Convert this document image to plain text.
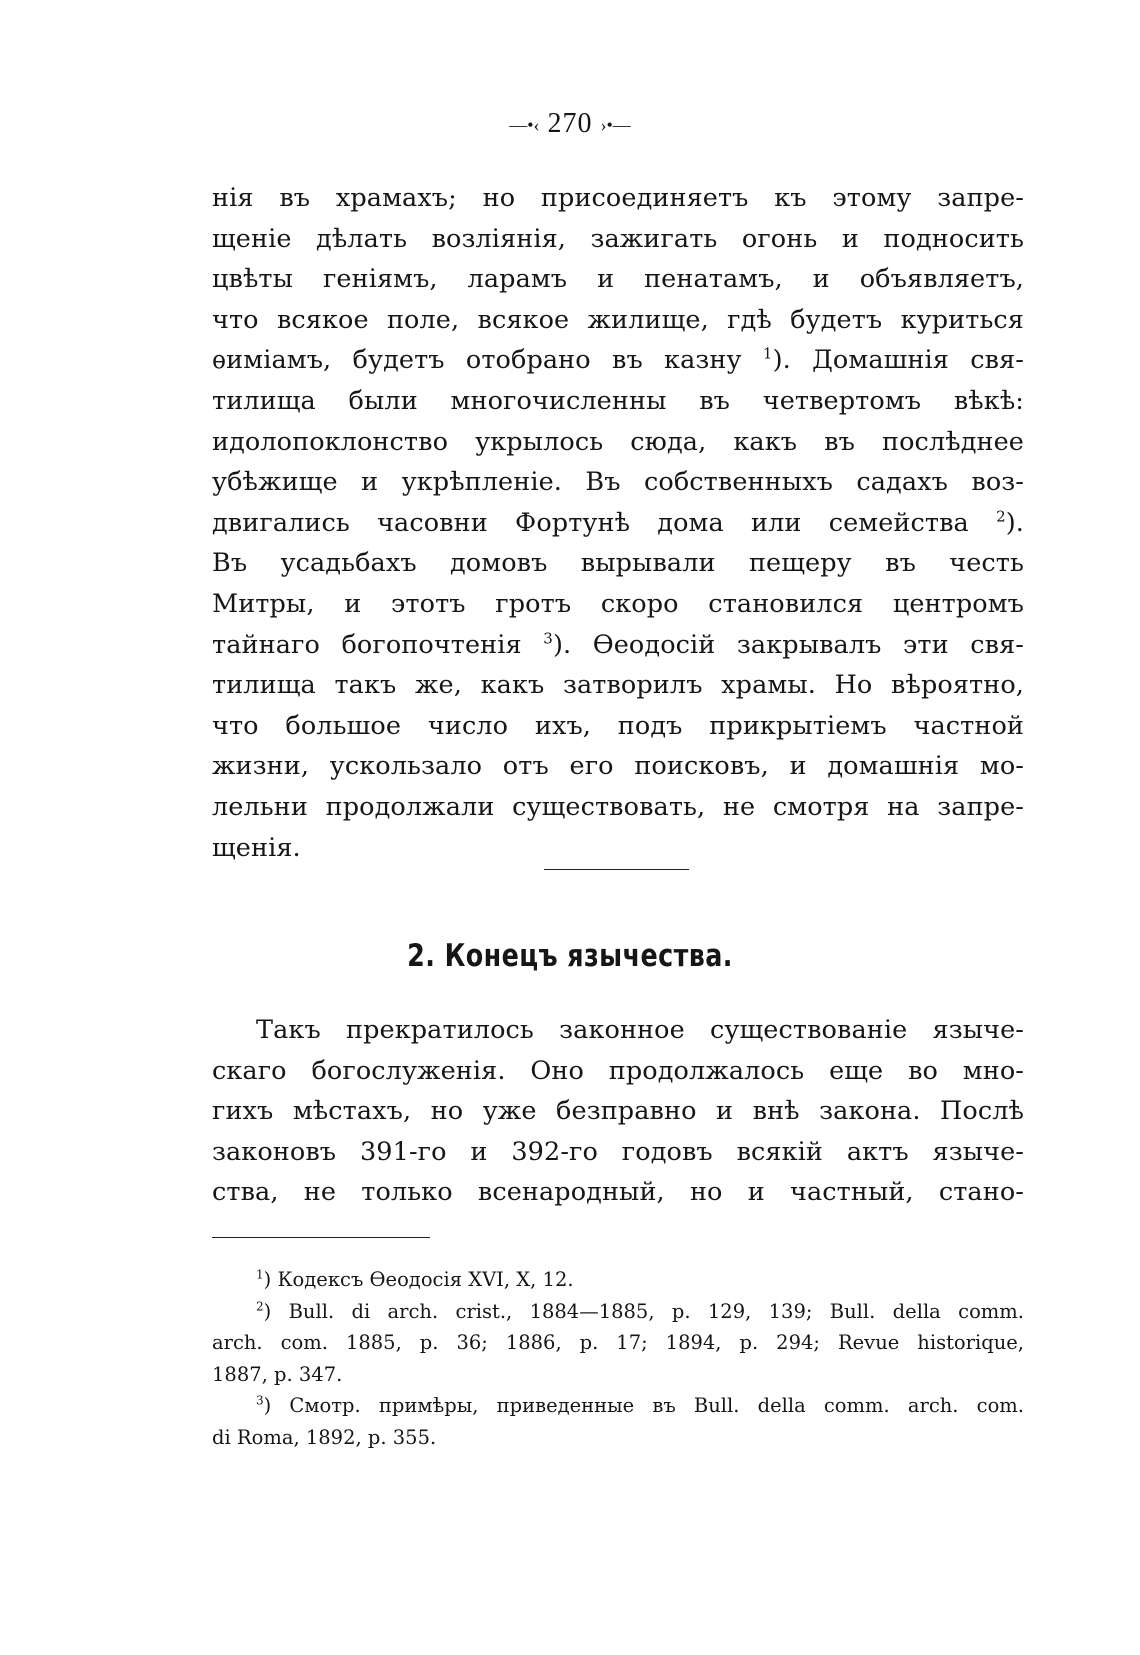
—•‹ 270 ›•—
нія въ храмахъ; но присоединяетъ къ этому запре-
щеніе дѣлать возліянія, зажигать огонь и подносить
цвѣты геніямъ, ларамъ и пенатамъ, и объявляетъ,
что всякое поле, всякое жилище, гдѣ будетъ куриться
ѳиміамъ, будетъ отобрано въ казну $^1$). Домашнія свя-
тилища были многочисленны въ четвертомъ вѣкѣ:
идолопоклонство укрылось сюда, какъ въ послѣднее
убѣжище и укрѣпленіе. Въ собственныхъ садахъ воз-
двигались часовни Фортунѣ дома или семейства $^2$).
Въ усадьбахъ домовъ вырывали пещеру въ честь
Митры, и этотъ гротъ скоро становился центромъ
тайнаго богопочтенія $^3$). Ѳеодосій закрывалъ эти свя-
тилища такъ же, какъ затворилъ храмы. Но вѣроятно,
что большое число ихъ, подъ прикрытіемъ частной
жизни, ускользало отъ его поисковъ, и домашнія мо-
лельни продолжали существовать, не смотря на запре-
щенія.
2. Конецъ язычества.
Такъ прекратилось законное существованіе языче-
скаго богослуженія. Оно продолжалось еще во мно-
гихъ мѣстахъ, но уже безправно и внѣ закона. Послѣ
законовъ 391-го и 392-го годовъ всякій актъ языче-
ства, не только всенародный, но и частный, стано-
$^1$) Кодексъ Ѳеодосія XVI, X, 12.
$^2$) Bull. di arch. crist., 1884—1885, p. 129, 139; Bull. della comm.
arch. com. 1885, p. 36; 1886, p. 17; 1894, p. 294; Revue historique,
1887, p. 347.
$^3$) Смотр. примѣры, приведенные въ Bull. della comm. arch. com.
di Roma, 1892, p. 355.
